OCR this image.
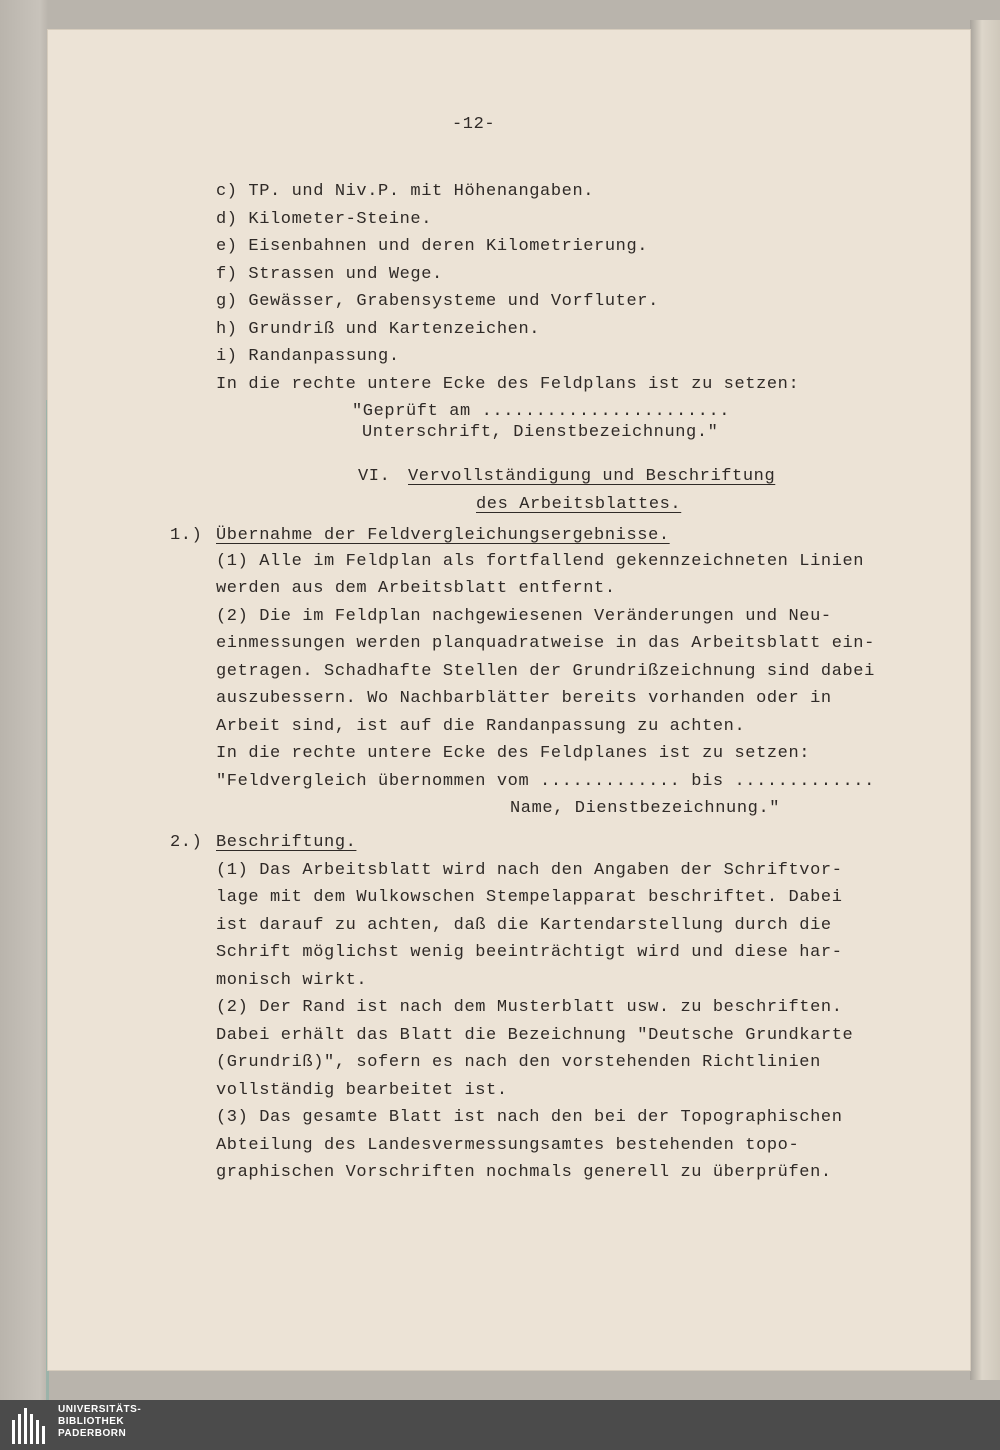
-12-
c) TP. und Niv.P. mit Höhenangaben.
d) Kilometer-Steine.
e) Eisenbahnen und deren Kilometrierung.
f) Strassen und Wege.
g) Gewässer, Grabensysteme und Vorfluter.
h) Grundriß und Kartenzeichen.
i) Randanpassung.
In die rechte untere Ecke des Feldplans ist zu setzen:
"Geprüft am .......................
Unterschrift, Dienstbezeichnung."
VI. Vervollständigung und Beschriftung
des Arbeitsblattes.
1.) Übernahme der Feldvergleichungsergebnisse.
(1) Alle im Feldplan als fortfallend gekennzeichneten Linien
werden aus dem Arbeitsblatt entfernt.
(2) Die im Feldplan nachgewiesenen Veränderungen und Neu-
einmessungen werden planquadratweise in das Arbeitsblatt ein-
getragen. Schadhafte Stellen der Grundrißzeichnung sind dabei
auszubessern. Wo Nachbarblätter bereits vorhanden oder in
Arbeit sind, ist auf die Randanpassung zu achten.
In die rechte untere Ecke des Feldplanes ist zu setzen:
"Feldvergleich übernommen vom ............. bis .............
Name, Dienstbezeichnung."
2.) Beschriftung.
(1) Das Arbeitsblatt wird nach den Angaben der Schriftvor-
lage mit dem Wulkowschen Stempelapparat beschriftet. Dabei
ist darauf zu achten, daß die Kartendarstellung durch die
Schrift möglichst wenig beeinträchtigt wird und diese har-
monisch wirkt.
(2) Der Rand ist nach dem Musterblatt usw. zu beschriften.
Dabei erhält das Blatt die Bezeichnung "Deutsche Grundkarte
(Grundriß)", sofern es nach den vorstehenden Richtlinien
vollständig bearbeitet ist.
(3) Das gesamte Blatt ist nach den bei der Topographischen
Abteilung des Landesvermessungsamtes bestehenden topo-
graphischen Vorschriften nochmals generell zu überprüfen.
UNIVERSITÄTS-
BIBLIOTHEK
PADERBORN
